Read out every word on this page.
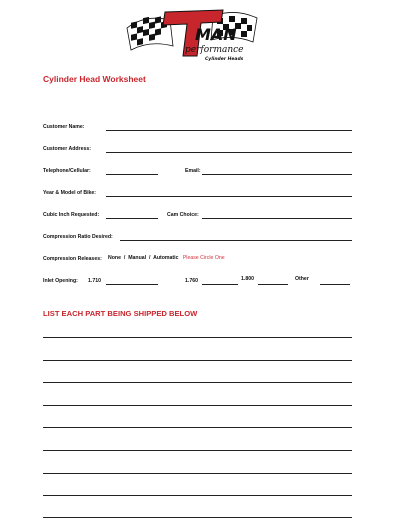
MAN
performance
Cylinder Heads
Cylinder Head Worksheet
Customer Name:
Customer Address:
Telephone/Cellular:	Email:
Year & Model of Bike:
Cubic Inch Requested:	Cam Choice:
Compression Ratio Desired:
Compression Releases: None / Manual / Automatic Please Circle One
Inlet Opening: 1.710	1.760	1.800	Other
LIST EACH PART BEING SHIPPED BELOW
